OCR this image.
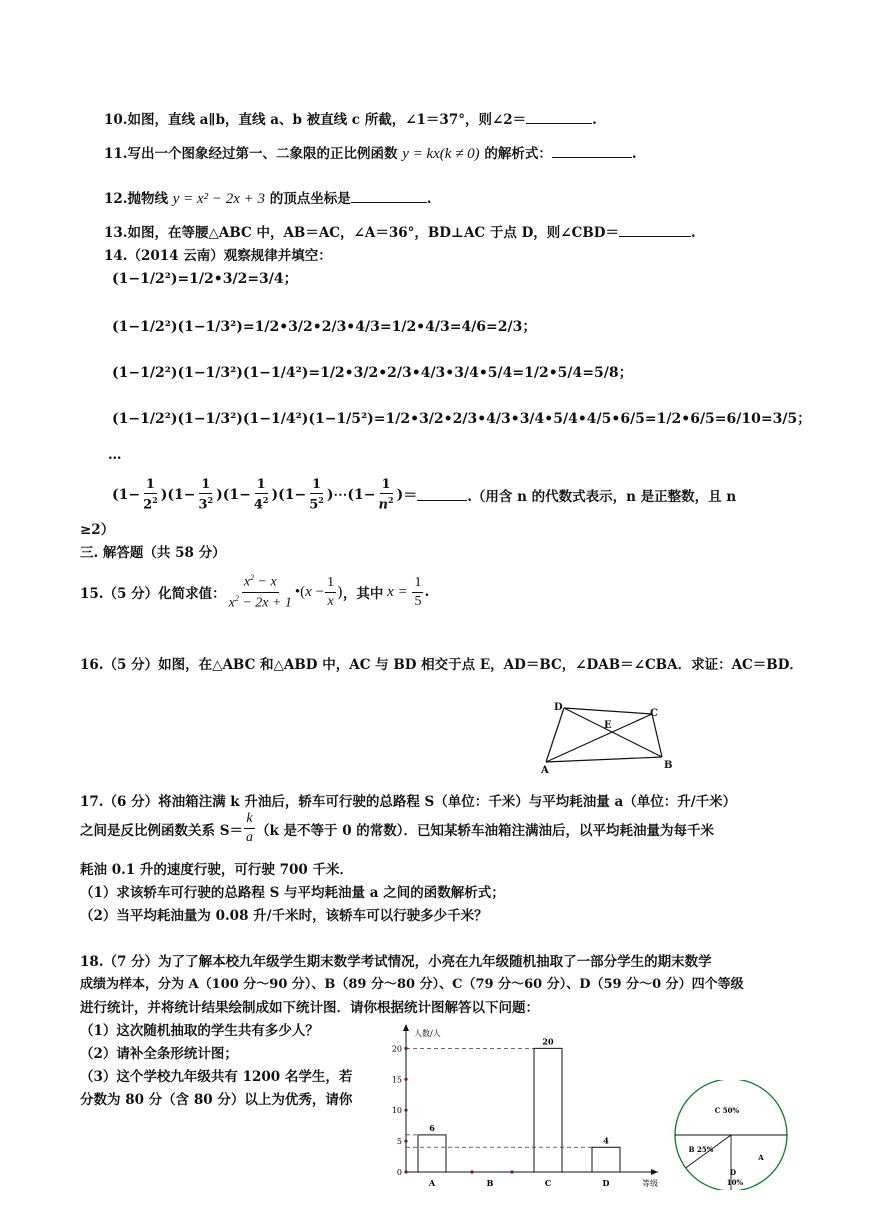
10.如图，直线 a∥b，直线 a、b 被直线 c 所截，∠1＝37°，则∠2＝	.
11.写出一个图象经过第一、二象限的正比例函数 y = kx(k ≠ 0) 的解析式：	.
12.抛物线 y = x² − 2x + 3 的顶点坐标是	.
13.如图，在等腰△ABC 中，AB＝AC，∠A＝36°，BD⊥AC 于点 D，则∠CBD＝	.
14.（2014 云南）观察规律并填空：
(1−1/2²)=1/2•3/2=3/4；
(1−1/2²)(1−1/3²)=1/2•3/2•2/3•4/3=1/2•4/3=4/6=2/3；
(1−1/2²)(1−1/3²)(1−1/4²)=1/2•3/2•2/3•4/3•3/4•5/4=1/2•5/4=5/8；
(1−1/2²)(1−1/3²)(1−1/4²)(1−1/5²)=1/2•3/2•2/3•4/3•3/4•5/4•4/5•6/5=1/2•6/5=6/10=3/5；
…
$(1- \frac{1}{2^2} )(1- \frac{1}{3^2} )(1- \frac{1}{4^2} )(1- \frac{1}{5^2}$ )⋯(1− $\frac{1}{n^2}$ ) ＝	.（用含 n 的代数式表示，n 是正整数，且 n
≥2）
三. 解答题（共 58 分）
15.（5 分）化简求值： $\frac{x^2 - x}{x^2 - 2x + 1}$ •(x − $\frac{1}{x}$ ) ，其中 $x = \frac{1}{5}$ .
16.（5 分）如图，在△ABC 和△ABD 中，AC 与 BD 相交于点 E，AD＝BC，∠DAB＝∠CBA．求证：AC＝BD．
D
E
C
A	B
17.（6 分）将油箱注满 k 升油后，轿车可行驶的总路程 S（单位：千米）与平均耗油量 a（单位：升/千米）
之间是反比例函数关系 $S= \frac{k}{a} (k$ 是不等于 0 的常数）．已知某轿车油箱注满油后，以平均耗油量为每千米
耗油 0.1 升的速度行驶，可行驶 700 千米．
（1）求该轿车可行驶的总路程 S 与平均耗油量 a 之间的函数解析式；
（2）当平均耗油量为 0.08 升/千米时，该轿车可以行驶多少千米？
18.（7 分）为了了解本校九年级学生期末数学考试情况，小亮在九年级随机抽取了一部分学生的期末数学
成绩为样本，分为 A（100 分～90 分）、B（89 分～80 分）、C（79 分～60 分）、D（59 分～0 分）四个等级
进行统计，并将统计结果绘制成如下统计图．请你根据统计图解答以下问题：
（1）这次随机抽取的学生共有多少人？
（2）请补全条形统计图；
（3）这个学校九年级共有 1200 名学生，若
分数为 80 分（含 80 分）以上为优秀，请你
人数/人
等级
0
5
10
15
20
A
6
B	C
20
D
4
C 50%
B 25%
A
D
10%
